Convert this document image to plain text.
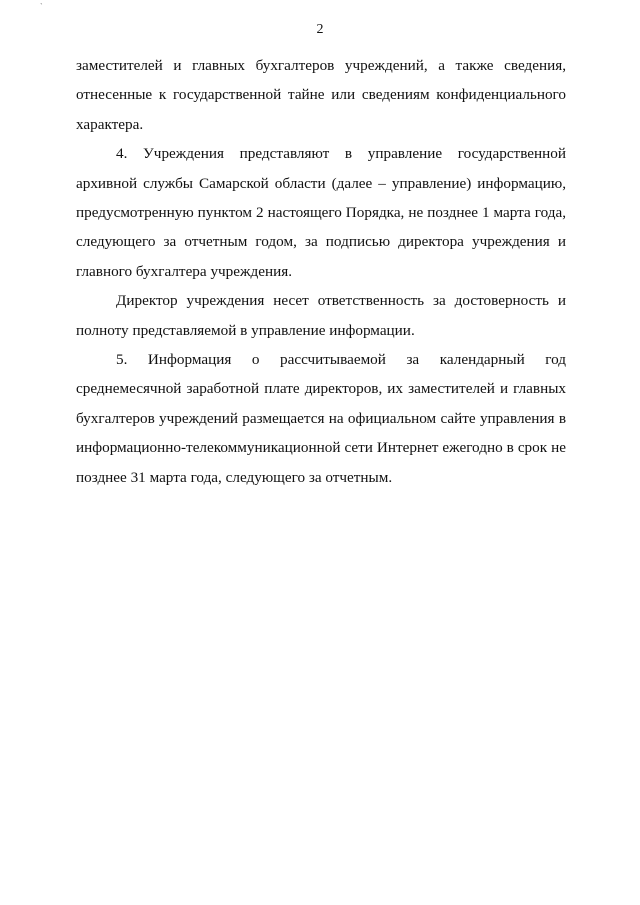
`
2

заместителей и главных бухгалтеров учреждений, а также сведения, отнесенные к государственной тайне или сведениям конфиденциального характера.

4. Учреждения представляют в управление государственной архивной службы Самарской области (далее – управление) информацию, предусмотренную пунктом 2 настоящего Порядка, не позднее 1 марта года, следующего за отчетным годом, за подписью директора учреждения и главного бухгалтера учреждения.

Директор учреждения несет ответственность за достоверность и полноту представляемой в управление информации.

5. Информация о рассчитываемой за календарный год среднемесячной заработной плате директоров, их заместителей и главных бухгалтеров учреждений размещается на официальном сайте управления в информационно-телекоммуникационной сети Интернет ежегодно в срок не позднее 31 марта года, следующего за отчетным.
